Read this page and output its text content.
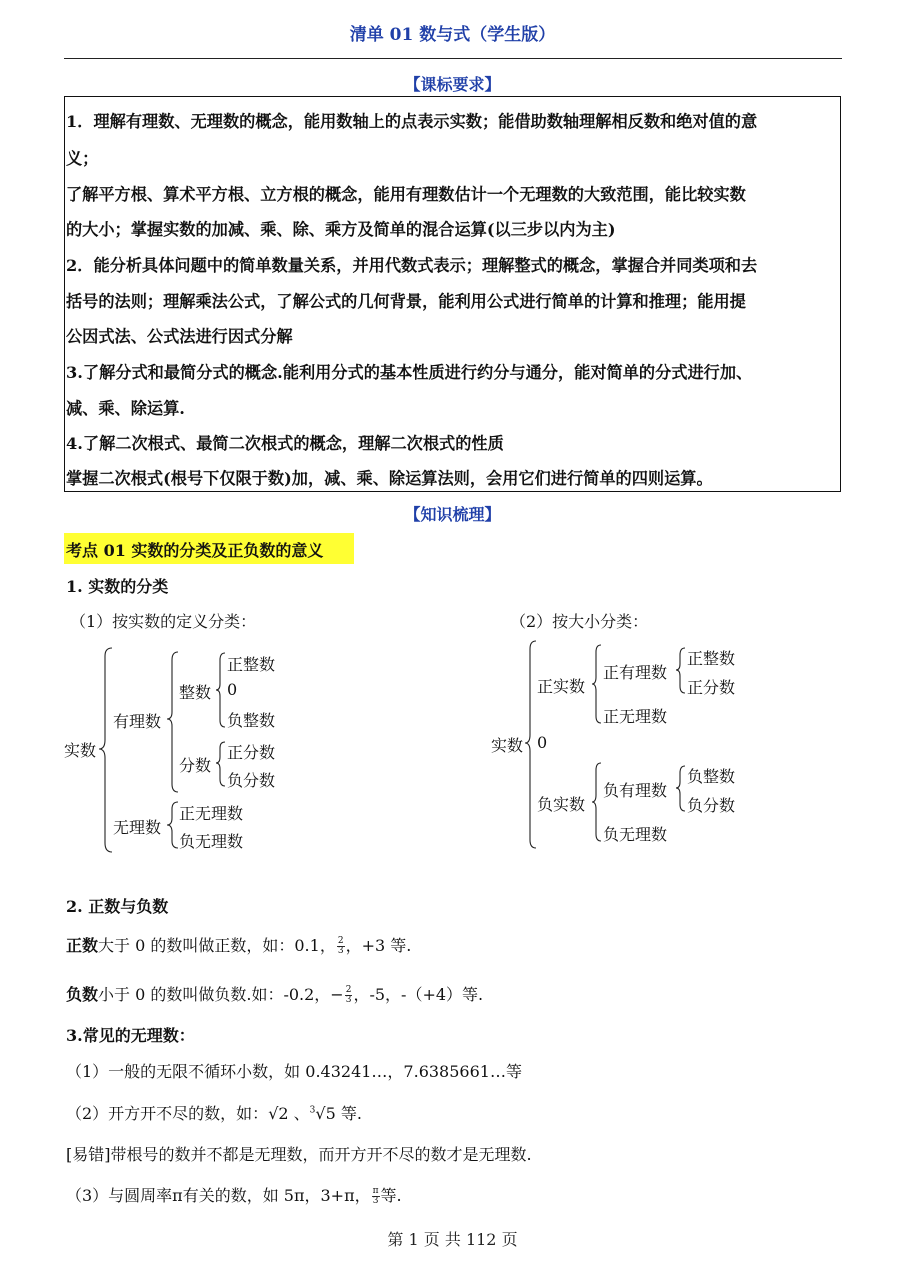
清单 01 数与式（学生版）
【课标要求】
1．理解有理数、无理数的概念，能用数轴上的点表示实数；能借助数轴理解相反数和绝对值的意
义；
了解平方根、算术平方根、立方根的概念，能用有理数估计一个无理数的大致范围，能比较实数
的大小；掌握实数的加减、乘、除、乘方及简单的混合运算(以三步以内为主)
2．能分析具体问题中的简单数量关系，并用代数式表示；理解整式的概念，掌握合并同类项和去
括号的法则；理解乘法公式，了解公式的几何背景，能利用公式进行简单的计算和推理；能用提
公因式法、公式法进行因式分解
3.了解分式和最简分式的概念.能利用分式的基本性质进行约分与通分，能对简单的分式进行加、
减、乘、除运算.
4.了解二次根式、最简二次根式的概念，理解二次根式的性质
掌握二次根式(根号下仅限于数)加，减、乘、除运算法则，会用它们进行简单的四则运算。
【知识梳理】
考点 01 实数的分类及正负数的意义
1. 实数的分类
（1）按实数的定义分类：
实数
有理数
整数
正整数
0
负整数
分数
正分数
负分数
无理数
正无理数
负无理数
（2）按大小分类：
实数 0
正实数
正有理数
正整数
正分数
正无理数
负实数
负有理数
负整数
负分数
负无理数
2. 正数与负数
正数大于 0 的数叫做正数，如：0.1， $\frac{2}{3}$ ，+3 等.
负数小于 0 的数叫做负数.如：-0.2，− $\frac{2}{3}$ ，-5，-（+4）等.
3.常见的无理数：
（1）一般的无限不循环小数，如 0.43241…，7.6385661…等
（2）开方开不尽的数，如：√2 、$^3$√5 等.
[易错]带根号的数并不都是无理数，而开方开不尽的数才是无理数.
（3）与圆周率π有关的数，如 5π，3+π， $\frac{\pi}{3}$ 等.
第 1 页 共 112 页
